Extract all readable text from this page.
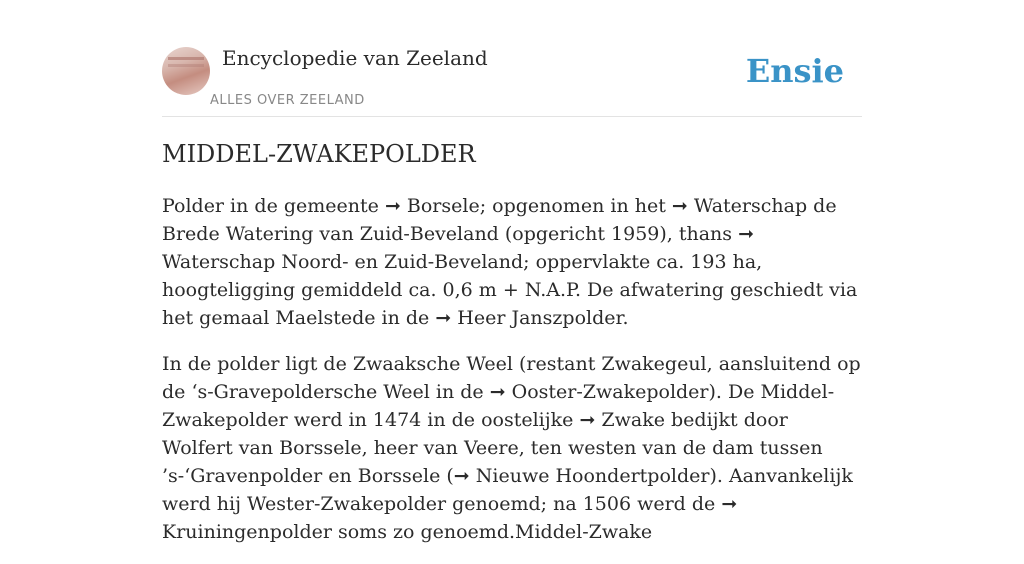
Encyclopedie van Zeeland
ALLES OVER ZEELAND
Ensie
MIDDEL-ZWAKEPOLDER

Polder in de gemeente ➞ Borsele; opgenomen in het ➞ Waterschap de Brede Watering van Zuid-Beveland (opgericht 1959), thans ➞ Waterschap Noord- en Zuid-Beveland; oppervlakte ca. 193 ha, hoogteligging gemiddeld ca. 0,6 m + N.A.P. De afwatering geschiedt via het gemaal Maelstede in de ➞ Heer Janszpolder.

In de polder ligt de Zwaaksche Weel (restant Zwakegeul, aansluitend op de ‘s-Gravepoldersche Weel in de ➞ Ooster-Zwakepolder). De Middel-Zwakepolder werd in 1474 in de oostelijke ➞ Zwake bedijkt door Wolfert van Borssele, heer van Veere, ten westen van de dam tussen ’s-‘Gravenpolder en Borssele (➞ Nieuwe Hoondertpolder). Aanvankelijk werd hij Wester-Zwakepolder genoemd; na 1506 werd de ➞ Kruiningenpolder soms zo genoemd.Middel-Zwake
